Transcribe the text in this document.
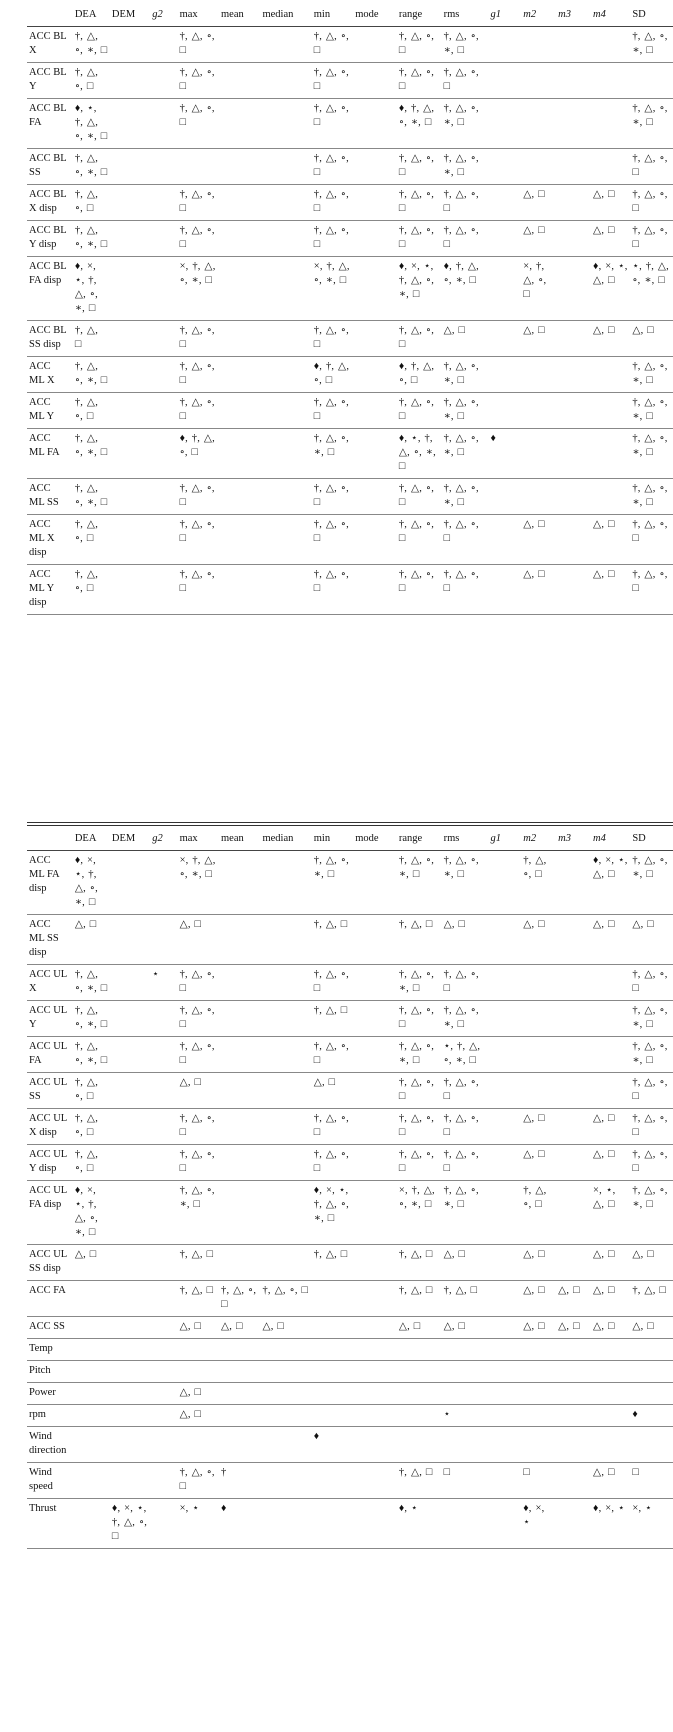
	DEA	DEM	g2	max	mean	median	min	mode	range	rms	g1	m2	m3	m4	SD
ACC BL X	†, △, ∘, ∗, □			†, △, ∘, □			†, △, ∘, □		†, △, ∘, □	†, △, ∘, ∗, □					†, △, ∘, ∗, □
ACC BL Y	†, △, ∘, □			†, △, ∘, □			†, △, ∘, □		†, △, ∘, □	†, △, ∘, □					
ACC BL FA	♦, ⋆, †, △, ∘, ∗, □			†, △, ∘, □			†, △, ∘, □		♦, †, △, ∘, ∗, □	†, △, ∘, ∗, □					†, △, ∘, ∗, □
ACC BL SS	†, △, ∘, ∗, □						†, △, ∘, □		†, △, ∘, □	†, △, ∘, ∗, □					†, △, ∘, □
ACC BL X disp	†, △, ∘, □			†, △, ∘, □			†, △, ∘, □		†, △, ∘, □	†, △, ∘, □		△, □		△, □	†, △, ∘, □
ACC BL Y disp	†, △, ∘, ∗, □			†, △, ∘, □			†, △, ∘, □		†, △, ∘, □	†, △, ∘, □		△, □		△, □	†, △, ∘, □
ACC BL FA disp	♦, ×, ⋆, †, △, ∘, ∗, □			×, †, △, ∘, ∗, □			×, †, △, ∘, ∗, □		♦, ×, ⋆, †, △, ∘, ∗, □	♦, †, △, ∘, ∗, □		×, †, △, ∘, □		♦, ×, ⋆, △, □	⋆, †, △, ∘, ∗, □
ACC BL SS disp	†, △, □			†, △, ∘, □			†, △, ∘, □		†, △, ∘, □	△, □		△, □		△, □	△, □
ACC ML X	†, △, ∘, ∗, □			†, △, ∘, □			♦, †, △, ∘, □		♦, †, △, ∘, □	†, △, ∘, ∗, □					†, △, ∘, ∗, □
ACC ML Y	†, △, ∘, □			†, △, ∘, □			†, △, ∘, □		†, △, ∘, □	†, △, ∘, ∗, □					†, △, ∘, ∗, □
ACC ML FA	†, △, ∘, ∗, □			♦, †, △, ∘, □			†, △, ∘, ∗, □		♦, ⋆, †, △, ∘, ∗, □	†, △, ∘, ∗, □	♦				†, △, ∘, ∗, □
ACC ML SS	†, △, ∘, ∗, □			†, △, ∘, □			†, △, ∘, □		†, △, ∘, □	†, △, ∘, ∗, □					†, △, ∘, ∗, □
ACC ML X disp	†, △, ∘, □			†, △, ∘, □			†, △, ∘, □		†, △, ∘, □	†, △, ∘, □		△, □		△, □	†, △, ∘, □
ACC ML Y disp	†, △, ∘, □			†, △, ∘, □			†, △, ∘, □		†, △, ∘, □	†, △, ∘, □		△, □		△, □	†, △, ∘, □
	DEA	DEM	g2	max	mean	median	min	mode	range	rms	g1	m2	m3	m4	SD
ACC ML FA disp	♦, ×, ⋆, †, △, ∘, ∗, □			×, †, △, ∘, ∗, □			†, △, ∘, ∗, □		†, △, ∘, ∗, □	†, △, ∘, ∗, □		†, △, ∘, □		♦, ×, ⋆, △, □	†, △, ∘, ∗, □
ACC ML SS disp	△, □			△, □			†, △, □		†, △, □	△, □		△, □		△, □	△, □
ACC UL X	†, △, ∘, ∗, □		⋆	†, △, ∘, □			†, △, ∘, □		†, △, ∘, ∗, □	†, △, ∘, □					†, △, ∘, □
ACC UL Y	†, △, ∘, ∗, □			†, △, ∘, □			†, △, □		†, △, ∘, □	†, △, ∘, ∗, □					†, △, ∘, ∗, □
ACC UL FA	†, △, ∘, ∗, □			†, △, ∘, □			†, △, ∘, □		†, △, ∘, ∗, □	⋆, †, △, ∘, ∗, □					†, △, ∘, ∗, □
ACC UL SS	†, △, ∘, □			△, □			△, □		†, △, ∘, □	†, △, ∘, □					†, △, ∘, □
ACC UL X disp	†, △, ∘, □			†, △, ∘, □			†, △, ∘, □		†, △, ∘, □	†, △, ∘, □		△, □		△, □	†, △, ∘, □
ACC UL Y disp	†, △, ∘, □			†, △, ∘, □			†, △, ∘, □		†, △, ∘, □	†, △, ∘, □		△, □		△, □	†, △, ∘, □
ACC UL FA disp	♦, ×, ⋆, †, △, ∘, ∗, □			†, △, ∘, ∗, □			♦, ×, ⋆, †, △, ∘, ∗, □		×, †, △, ∘, ∗, □	†, △, ∘, ∗, □		†, △, ∘, □		×, ⋆, △, □	†, △, ∘, ∗, □
ACC UL SS disp	△, □			†, △, □			†, △, □		†, △, □	△, □		△, □		△, □	△, □
ACC FA				†, △, □	†, △, ∘, □	†, △, ∘, □			†, △, □	†, △, □		△, □	△, □	△, □	†, △, □
ACC SS				△, □	△, □	△, □			△, □	△, □		△, □	△, □	△, □	△, □
Temp															
Pitch															
Power				△, □											
rpm				△, □						⋆					♦
Wind direction							♦								
Wind speed				†, △, ∘, □	†				†, △, □	□		□		△, □	□
Thrust		♦, ×, ⋆, †, △, ∘, □		×, ⋆	♦				♦, ⋆			♦, ×, ⋆		♦, ×, ⋆	×, ⋆
